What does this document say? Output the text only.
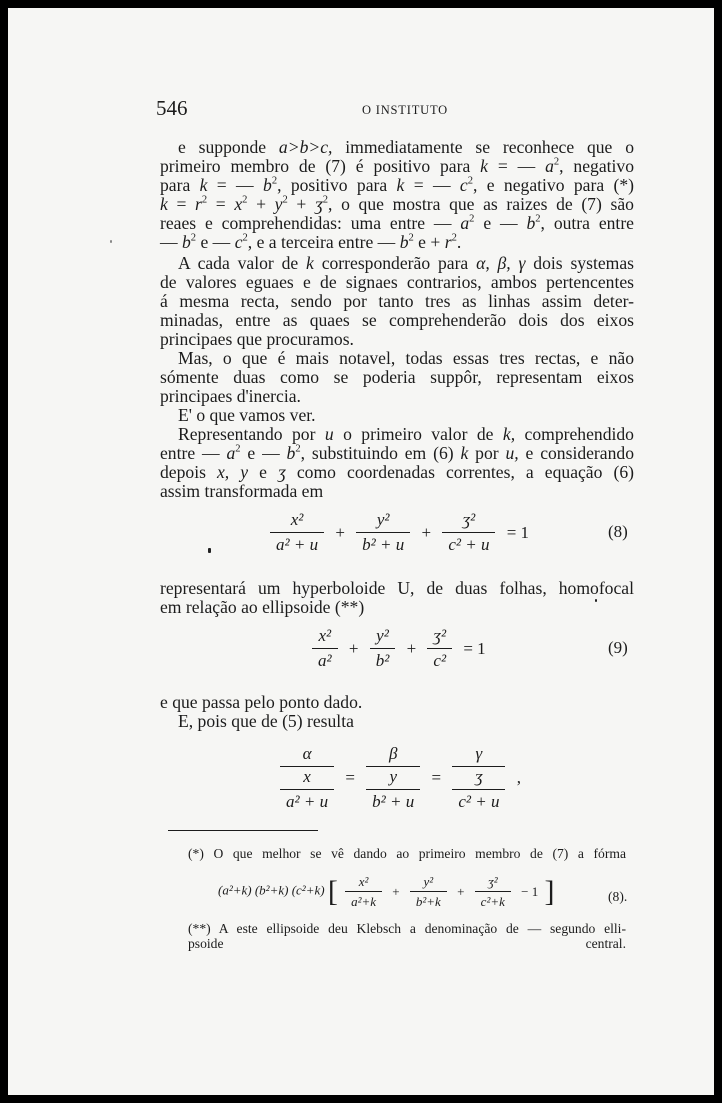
546	O INSTITUTO
e supponde a>b>c, immediatamente se reconhece que o
primeiro membro de (7) é positivo para k = — $a^2$, negativo
para k = — $b^2$, positivo para k = — $c^2$, e negativo para (*)
$k = r^2 = x^2 + y^2$ + ʒ$^2$, o que mostra que as raizes de (7) são
reaes e comprehendidas: uma entre — $a^2$ e — $b^2$, outra entre
— $b^2$ e — $c^2$, e a terceira entre — $b^2$ $e + r^2$.
A cada valor de k corresponderão para α, β, γ dois systemas
de valores eguaes e de signaes contrarios, ambos pertencentes
á mesma recta, sendo por tanto tres as linhas assim deter-
minadas, entre as quaes se comprehenderão dois dos eixos
principaes que procuramos.
Mas, o que é mais notavel, todas essas tres rectas, e não
sómente duas como se poderia suppôr, representam eixos
principaes d'inercia.
E' o que vamos ver.
Representando por u o primeiro valor de k, comprehendido
entre — $a^2$ e — $b^2$, substituindo em (6) k por u, e considerando
depois x, y e ʒ como coordenadas correntes, a equação (6)
assim transformada em
$\frac{\text{x²}}{\text{a² + u}} + \frac{\text{y²}}{\text{b² + u}} + \frac{\text{ʒ²}}{\text{c² + u}} = 1$	(8)
representará um hyperboloide U, de duas folhas, homofocal
em relação ao ellipsoide (**)
$\frac{\text{x²}}{\text{a²}} + \frac{\text{y²}}{\text{b²}} + \frac{\text{ʒ²}}{\text{c²}} = 1$	(9)
e que passa pelo ponto dado.
E, pois que de (5) resulta
α
x
a² + u
=
β
y
b² + u
=
γ
ʒ
c² + u
,
(*) O que melhor se vê dando ao primeiro membro de (7) a fórma
(a²+k) (b²+k) (c²+k) [ $\frac{\text{x²}}{\text{a²+k}} + \frac{\text{y²}}{\text{b²+k}} + \frac{\text{ʒ²}}{\text{c²+k}} - 1$ ]	(8).
(**) A este ellipsoide deu Klebsch a denominação de — segundo elli-
psoide central.
